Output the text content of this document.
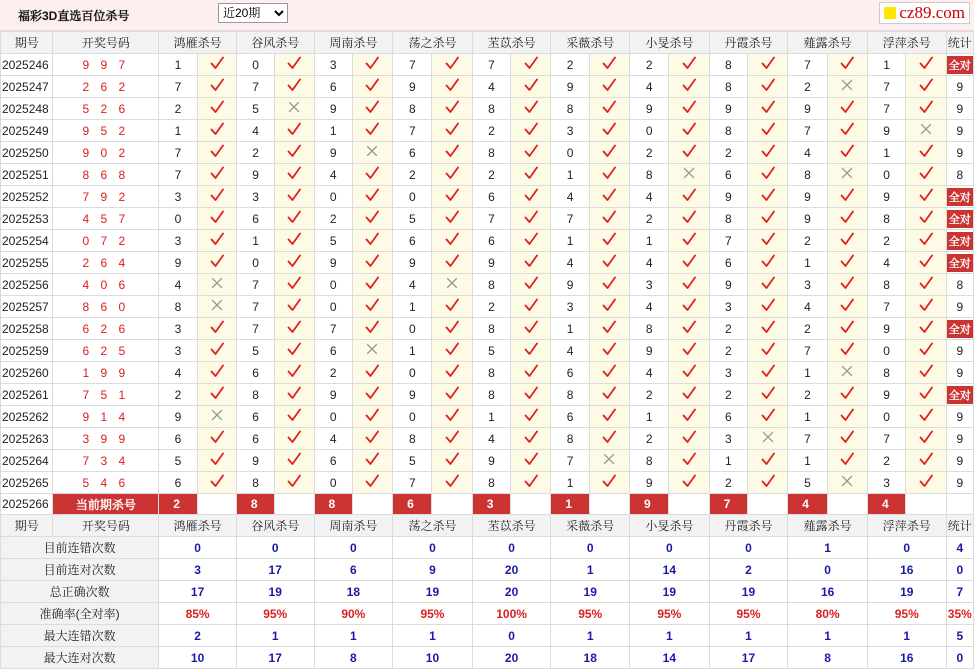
福彩3D直选百位杀号
近20期	cz89.com
期号	开奖号码	鸿雁杀号		谷风杀号		周南杀号		荡之杀号		苤苡杀号		采薇杀号		小旻杀号		丹霞杀号		薤露杀号		浮萍杀号		统计
2025246	9 9 7	1		0		3		7		7		2		2		8		7		1		全对
2025247	2 6 2	7		7		6		9		4		9		4		8		2		7		9
2025248	5 2 6	2		5		9		8		8		8		9		9		9		7		9
2025249	9 5 2	1		4		1		7		2		3		0		8		7		9		9
2025250	9 0 2	7		2		9		6		8		0		2		2		4		1		9
2025251	8 6 8	7		9		4		2		2		1		8		6		8		0		8
2025252	7 9 2	3		3		0		0		6		4		4		9		9		9		全对
2025253	4 5 7	0		6		2		5		7		7		2		8		9		8		全对
2025254	0 7 2	3		1		5		6		6		1		1		7		2		2		全对
2025255	2 6 4	9		0		9		9		9		4		4		6		1		4		全对
2025256	4 0 6	4		7		0		4		8		9		3		9		3		8		8
2025257	8 6 0	8		7		0		1		2		3		4		3		4		7		9
2025258	6 2 6	3		7		7		0		8		1		8		2		2		9		全对
2025259	6 2 5	3		5		6		1		5		4		9		2		7		0		9
2025260	1 9 9	4		6		2		0		8		6		4		3		1		8		9
2025261	7 5 1	2		8		9		9		8		8		2		2		2		9		全对
2025262	9 1 4	9		6		0		0		1		6		1		6		1		0		9
2025263	3 9 9	6		6		4		8		4		8		2		3		7		7		9
2025264	7 3 4	5		9		6		5		9		7		8		1		1		2		9
2025265	5 4 6	6		8		0		7		8		1		9		2		5		3		9
2025266	当前期杀号	2		8		8		6		3		1		9		7		4		4		
期号	开奖号码	鸿雁杀号		谷风杀号		周南杀号		荡之杀号		苤苡杀号		采薇杀号		小旻杀号		丹霞杀号		薤露杀号		浮萍杀号		统计
目前连错次数		0		0		0		0		0		0		0		0		1		0		4
目前连对次数		3		17		6		9		20		1		14		2		0		16		0
总正确次数		17		19		18		19		20		19		19		19		16		19		7
准确率(全对率)		85%		95%		90%		95%		100%		95%		95%		95%		80%		95%		35%
最大连错次数		2		1		1		1		0		1		1		1		1		1		5
最大连对次数		10		17		8		10		20		18		14		17		8		16		0
